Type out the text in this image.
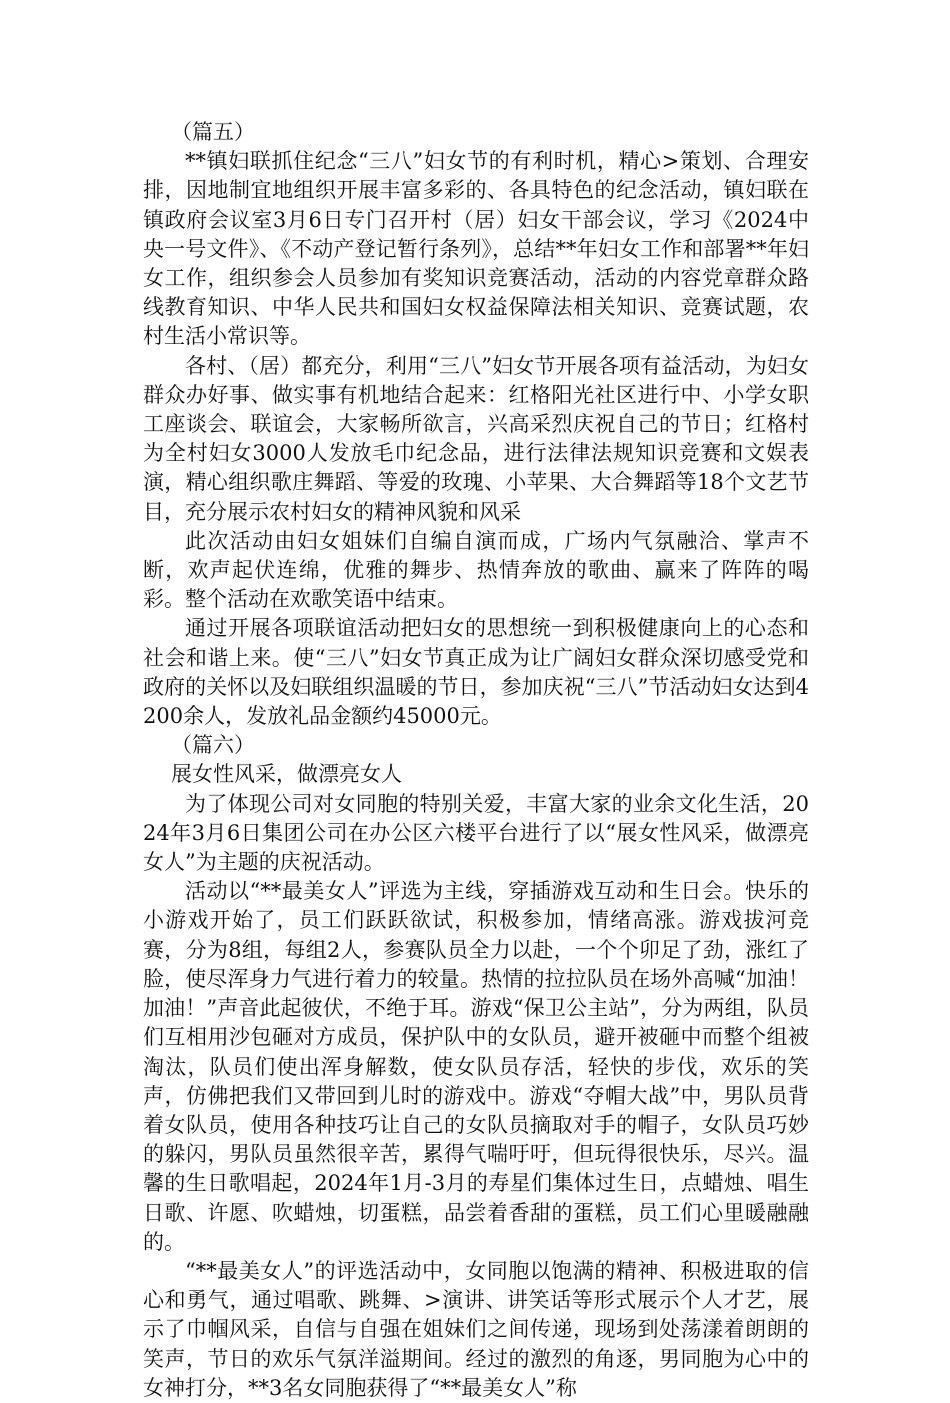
（篇五）

**镇妇联抓住纪念“三八”妇女节的有利时机，精心>策划、合理安排，因地制宜地组织开展丰富多彩的、各具特色的纪念活动，镇妇联在镇政府会议室3月6日专门召开村（居）妇女干部会议，学习《2024中央一号文件》、《不动产登记暂行条列》，总结**年妇女工作和部署**年妇女工作，组织参会人员参加有奖知识竞赛活动，活动的内容党章群众路线教育知识、中华人民共和国妇女权益保障法相关知识、竞赛试题，农村生活小常识等。

各村、（居）都充分，利用“三八”妇女节开展各项有益活动，为妇女群众办好事、做实事有机地结合起来：红格阳光社区进行中、小学女职工座谈会、联谊会，大家畅所欲言，兴高采烈庆祝自己的节日；红格村为全村妇女3000人发放毛巾纪念品，进行法律法规知识竞赛和文娱表演，精心组织歌庄舞蹈、等爱的玫瑰、小苹果、大合舞蹈等18个文艺节目，充分展示农村妇女的精神风貌和风采

此次活动由妇女姐妹们自编自演而成，广场内气氛融洽、掌声不断，欢声起伏连绵，优雅的舞步、热情奔放的歌曲、赢来了阵阵的喝彩。整个活动在欢歌笑语中结束。

通过开展各项联谊活动把妇女的思想统一到积极健康向上的心态和社会和谐上来。使“三八”妇女节真正成为让广阔妇女群众深切感受党和政府的关怀以及妇联组织温暖的节日，参加庆祝“三八”节活动妇女达到4200余人，发放礼品金额约45000元。

（篇六）

展女性风采，做漂亮女人

为了体现公司对女同胞的特别关爱，丰富大家的业余文化生活，2024年3月6日集团公司在办公区六楼平台进行了以“展女性风采，做漂亮女人”为主题的庆祝活动。

活动以“**最美女人”评选为主线，穿插游戏互动和生日会。快乐的小游戏开始了，员工们跃跃欲试，积极参加，情绪高涨。游戏拔河竞赛，分为8组，每组2人，参赛队员全力以赴，一个个卯足了劲，涨红了脸，使尽浑身力气进行着力的较量。热情的拉拉队员在场外高喊“加油！加油！”声音此起彼伏，不绝于耳。游戏“保卫公主站”，分为两组，队员们互相用沙包砸对方成员，保护队中的女队员，避开被砸中而整个组被淘汰，队员们使出浑身解数，使女队员存活，轻快的步伐，欢乐的笑声，仿佛把我们又带回到儿时的游戏中。游戏“夺帽大战”中，男队员背着女队员，使用各种技巧让自己的女队员摘取对手的帽子，女队员巧妙的躲闪，男队员虽然很辛苦，累得气喘吁吁，但玩得很快乐，尽兴。温馨的生日歌唱起，2024年1月-3月的寿星们集体过生日，点蜡烛、唱生日歌、许愿、吹蜡烛，切蛋糕，品尝着香甜的蛋糕，员工们心里暖融融的。

“**最美女人”的评选活动中，女同胞以饱满的精神、积极进取的信心和勇气，通过唱歌、跳舞、>演讲、讲笑话等形式展示个人才艺，展示了巾帼风采，自信与自强在姐妹们之间传递，现场到处荡漾着朗朗的笑声，节日的欢乐气氛洋溢期间。经过的激烈的角逐，男同胞为心中的女神打分，**3名女同胞获得了“**最美女人”称
